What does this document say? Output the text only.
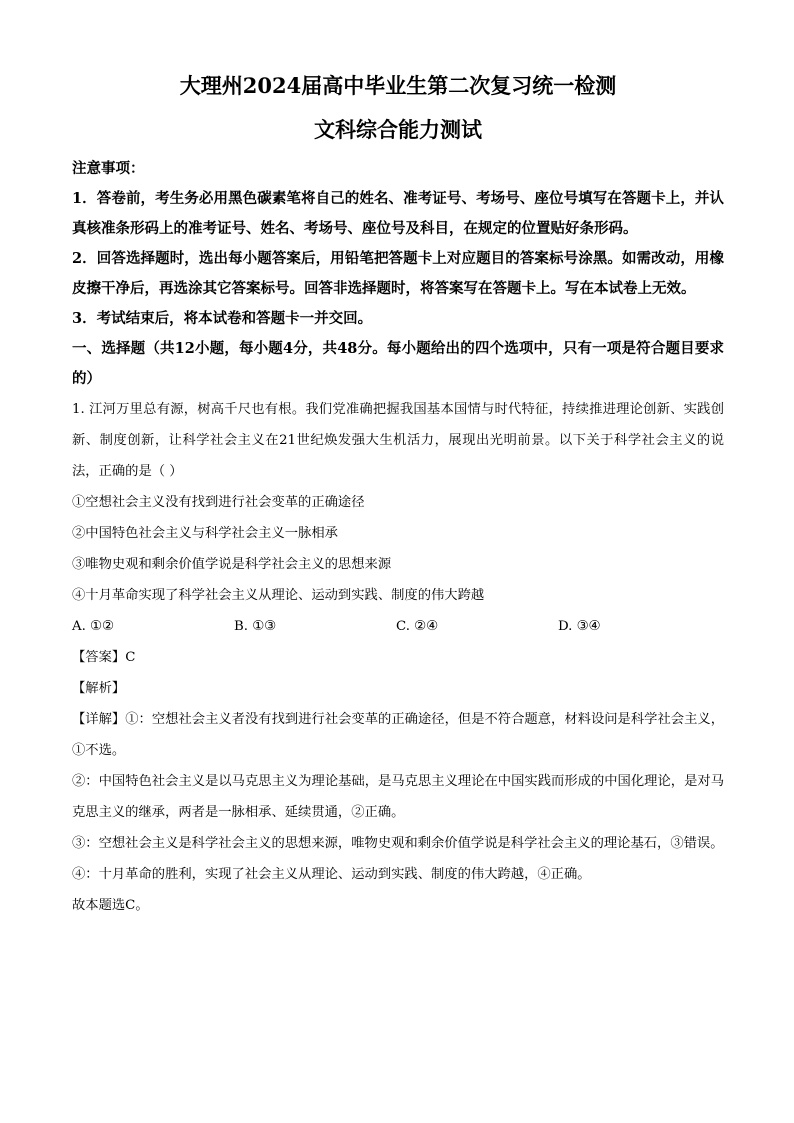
大理州2024届高中毕业生第二次复习统一检测
文科综合能力测试
注意事项：

1．答卷前，考生务必用黑色碳素笔将自己的姓名、准考证号、考场号、座位号填写在答题卡上，并认真核准条形码上的准考证号、姓名、考场号、座位号及科目，在规定的位置贴好条形码。

2．回答选择题时，选出每小题答案后，用铅笔把答题卡上对应题目的答案标号涂黑。如需改动，用橡皮擦干净后，再选涂其它答案标号。回答非选择题时，将答案写在答题卡上。写在本试卷上无效。

3．考试结束后，将本试卷和答题卡一并交回。

一、选择题（共12小题，每小题4分，共48分。每小题给出的四个选项中，只有一项是符合题目要求的）

1. 江河万里总有源，树高千尺也有根。我们党准确把握我国基本国情与时代特征，持续推进理论创新、实践创新、制度创新，让科学社会主义在21世纪焕发强大生机活力，展现出光明前景。以下关于科学社会主义的说法，正确的是（ ）

①空想社会主义没有找到进行社会变革的正确途径

②中国特色社会主义与科学社会主义一脉相承

③唯物史观和剩余价值学说是科学社会主义的思想来源

④十月革命实现了科学社会主义从理论、运动到实践、制度的伟大跨越

A. ①②	B. ①③	C. ②④	D. ③④
【答案】C
【解析】

【详解】①：空想社会主义者没有找到进行社会变革的正确途径，但是不符合题意，材料设问是科学社会主义，①不选。

②：中国特色社会主义是以马克思主义为理论基础，是马克思主义理论在中国实践而形成的中国化理论，是对马克思主义的继承，两者是一脉相承、延续贯通，②正确。

③：空想社会主义是科学社会主义的思想来源，唯物史观和剩余价值学说是科学社会主义的理论基石，③错误。

④：十月革命的胜利，实现了社会主义从理论、运动到实践、制度的伟大跨越，④正确。

故本题选C。
